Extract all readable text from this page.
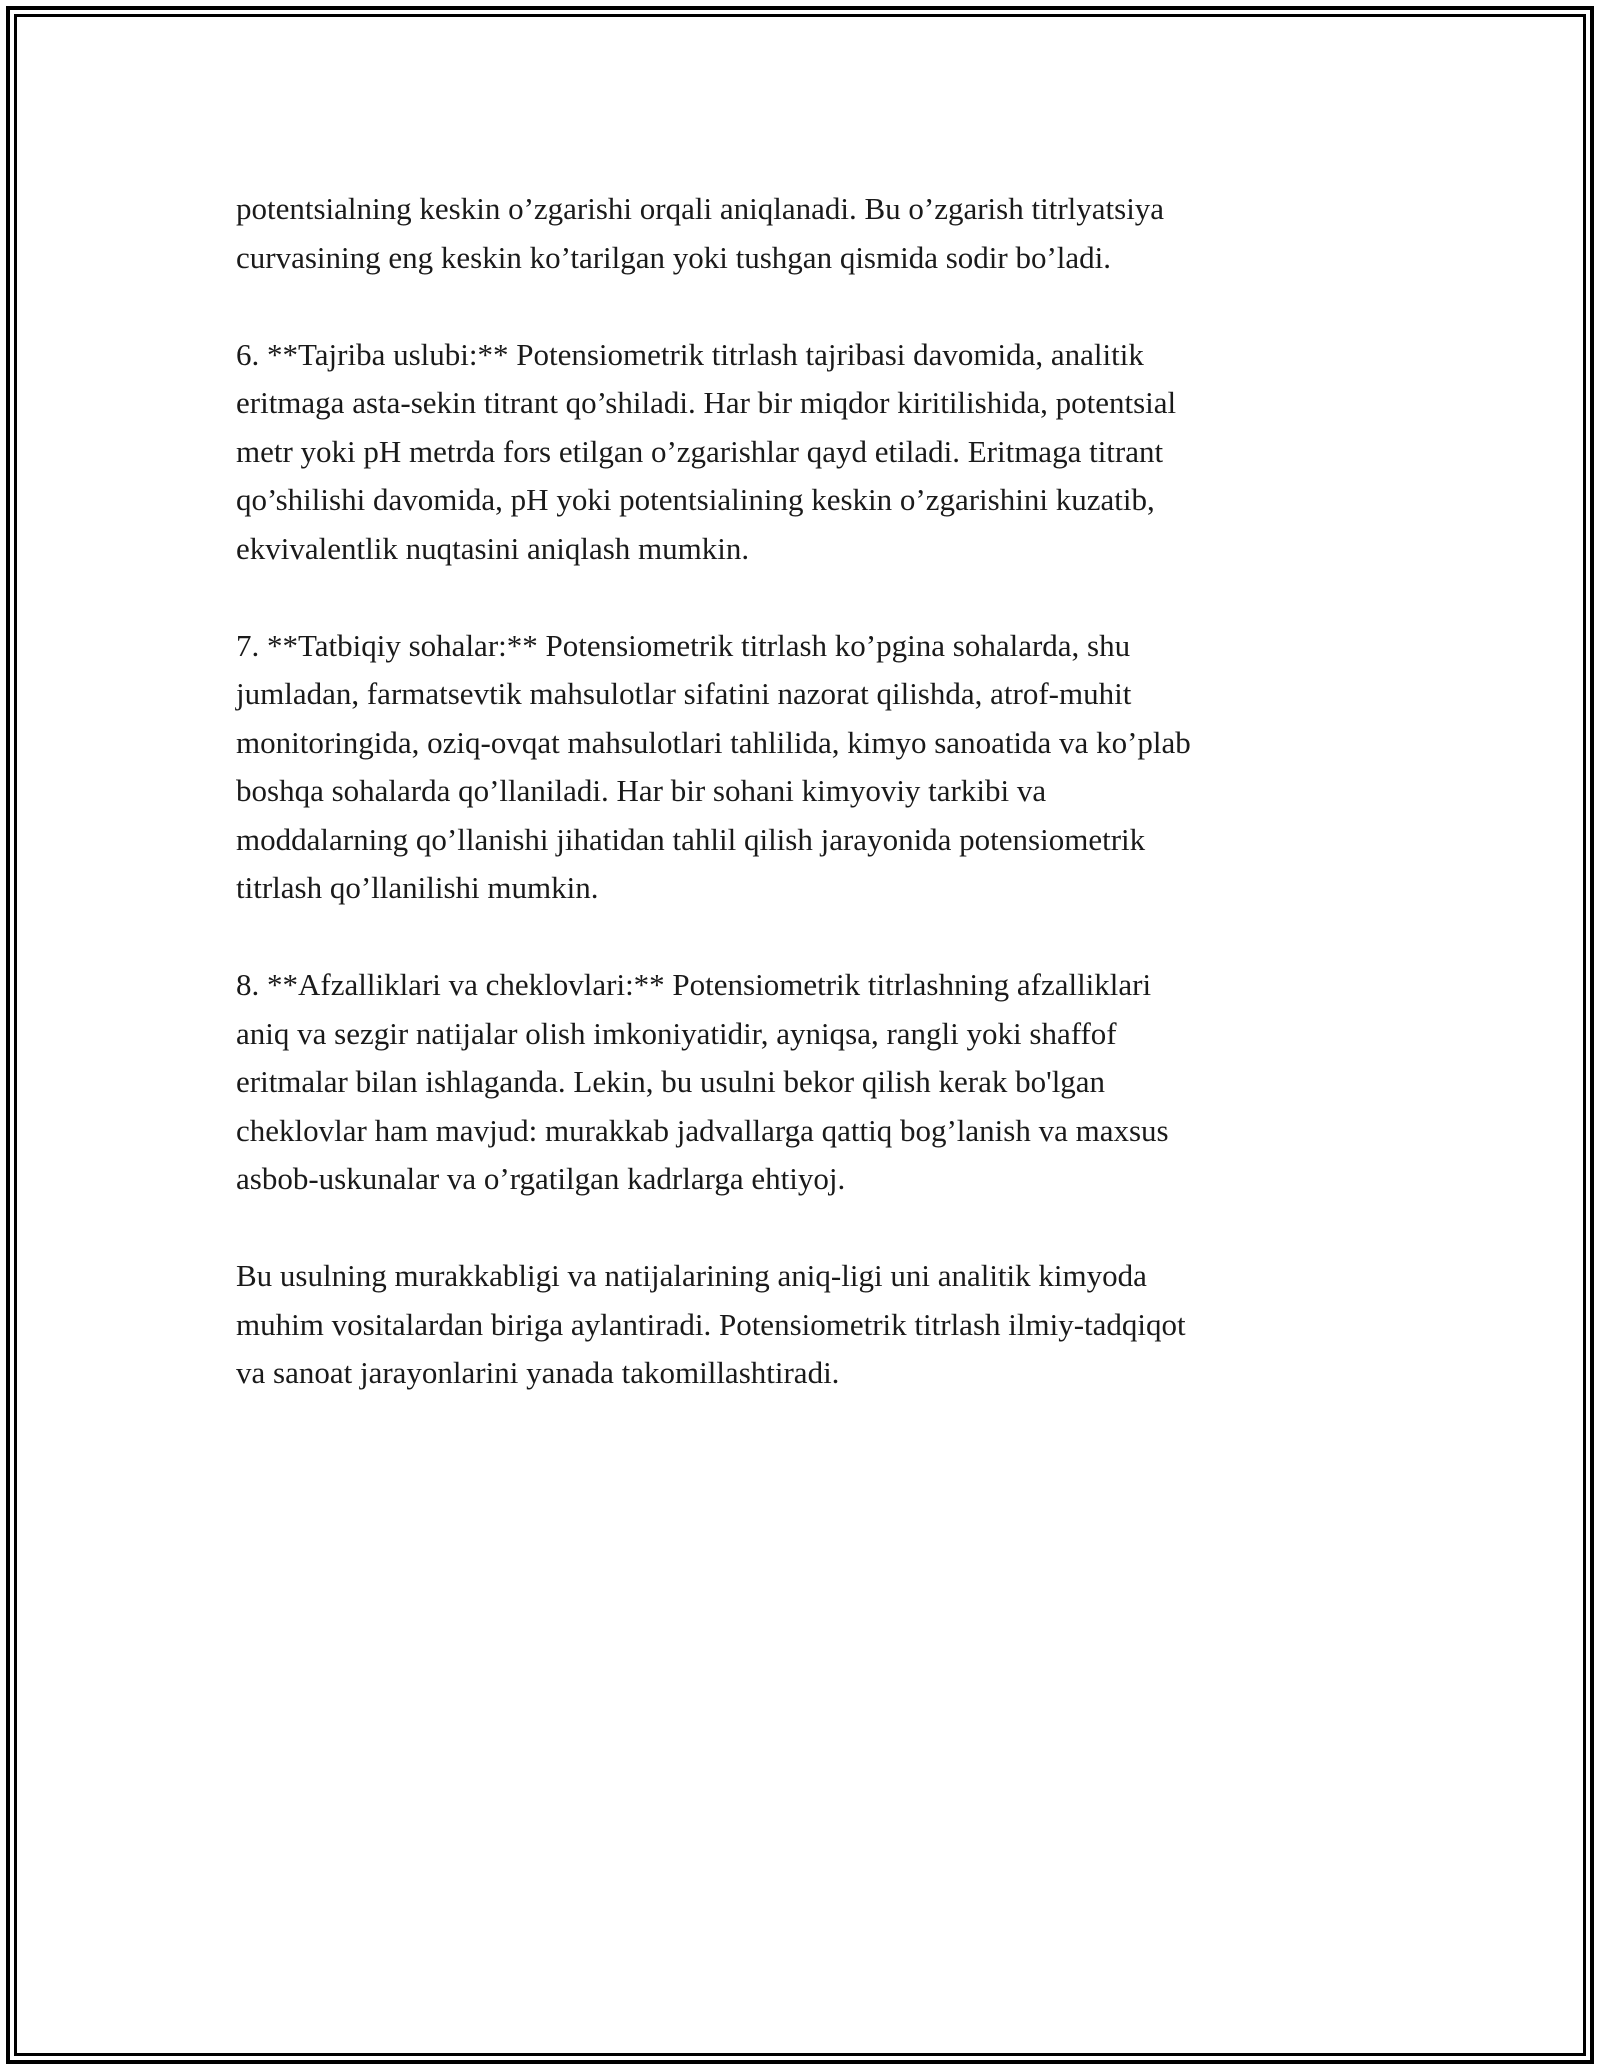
potentsialning keskin o’zgarishi orqali aniqlanadi. Bu o’zgarish titrlyatsiya
curvasining eng keskin ko’tarilgan yoki tushgan qismida sodir bo’ladi.

6. **Tajriba uslubi:** Potensiometrik titrlash tajribasi davomida, analitik
eritmaga asta-sekin titrant qo’shiladi. Har bir miqdor kiritilishida, potentsial
metr yoki pH metrda fors etilgan o’zgarishlar qayd etiladi. Eritmaga titrant
qo’shilishi davomida, pH yoki potentsialining keskin o’zgarishini kuzatib,
ekvivalentlik nuqtasini aniqlash mumkin.

7. **Tatbiqiy sohalar:** Potensiometrik titrlash ko’pgina sohalarda, shu
jumladan, farmatsevtik mahsulotlar sifatini nazorat qilishda, atrof-muhit
monitoringida, oziq-ovqat mahsulotlari tahlilida, kimyo sanoatida va ko’plab
boshqa sohalarda qo’llaniladi. Har bir sohani kimyoviy tarkibi va
moddalarning qo’llanishi jihatidan tahlil qilish jarayonida potensiometrik
titrlash qo’llanilishi mumkin.

8. **Afzalliklari va cheklovlari:** Potensiometrik titrlashning afzalliklari
aniq va sezgir natijalar olish imkoniyatidir, ayniqsa, rangli yoki shaffof
eritmalar bilan ishlaganda. Lekin, bu usulni bekor qilish kerak bo'lgan
cheklovlar ham mavjud: murakkab jadvallarga qattiq bog’lanish va maxsus
asbob-uskunalar va o’rgatilgan kadrlarga ehtiyoj.

Bu usulning murakkabligi va natijalarining aniq-ligi uni analitik kimyoda
muhim vositalardan biriga aylantiradi. Potensiometrik titrlash ilmiy-tadqiqot
va sanoat jarayonlarini yanada takomillashtiradi.
